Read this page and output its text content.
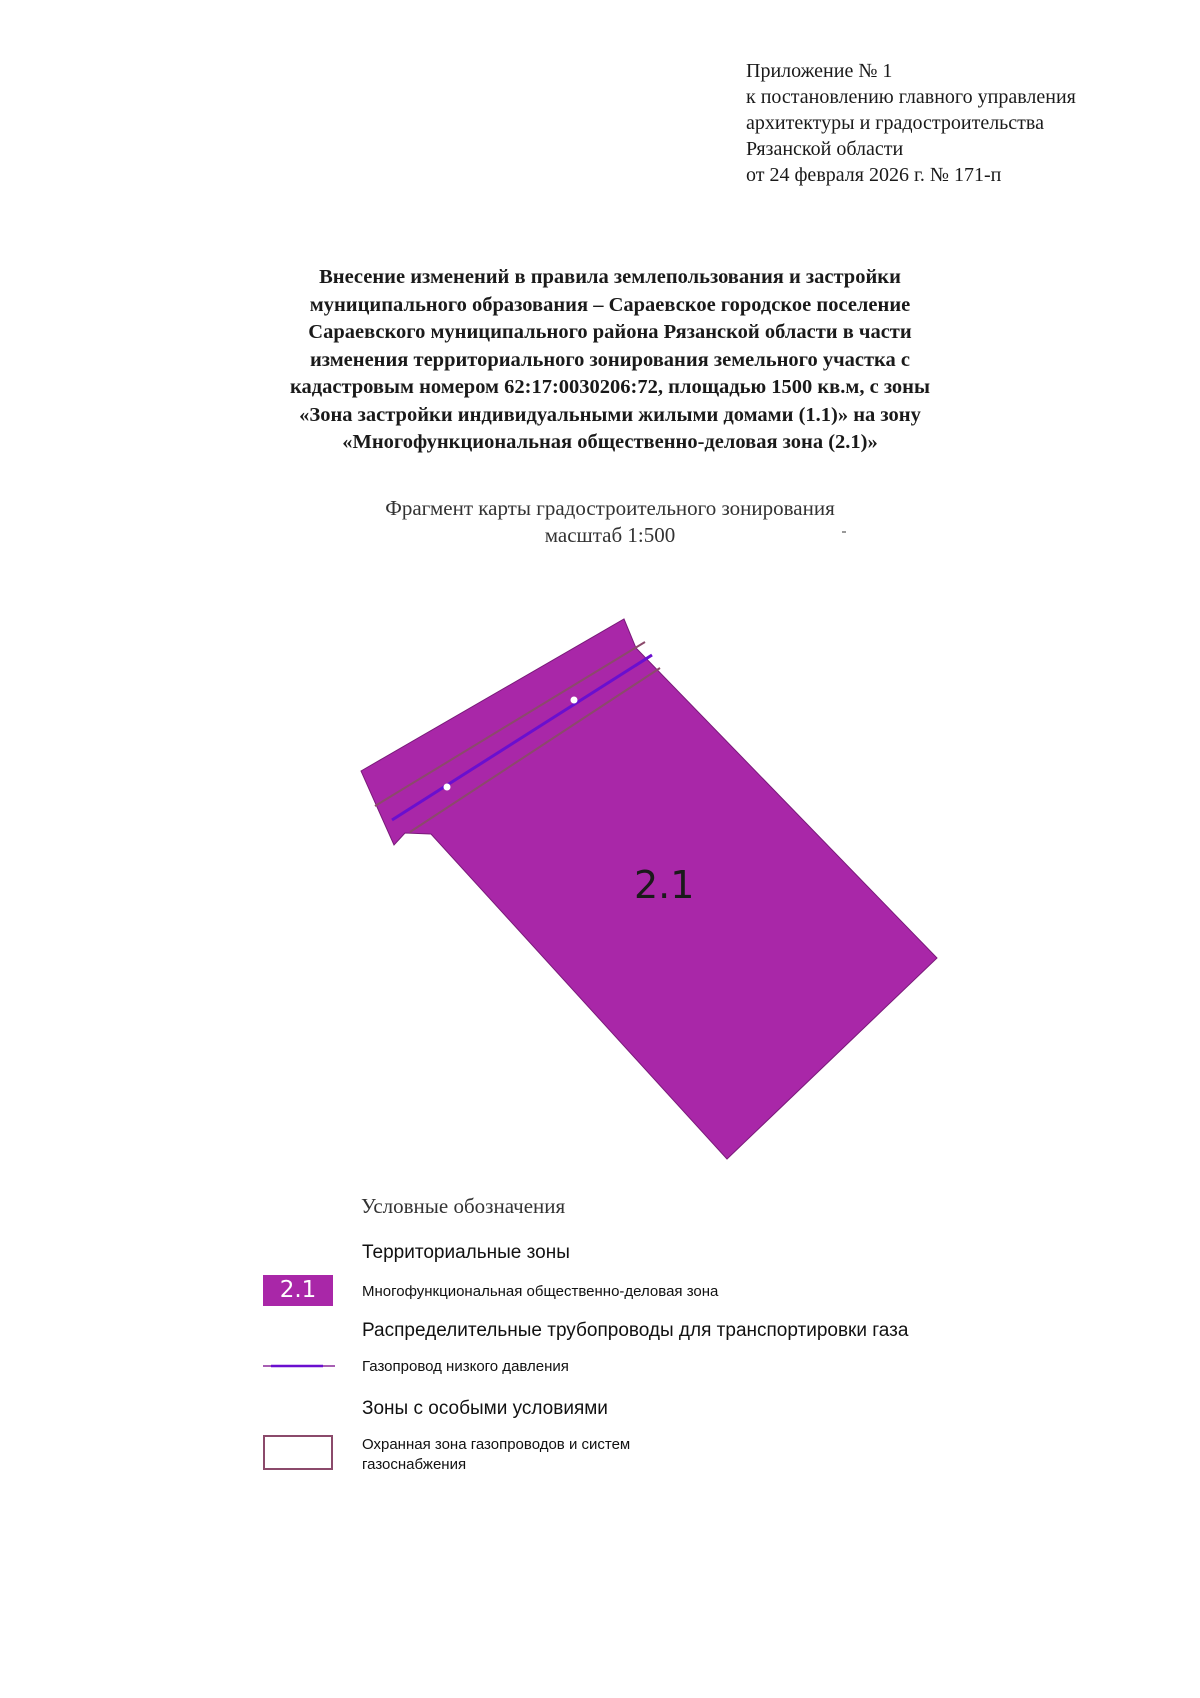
Приложение № 1
к постановлению главного управления
архитектуры и градостроительства
Рязанской области
от 24 февраля 2026 г. № 171-п
Внесение изменений в правила землепользования и застройки
муниципального образования – Сараевское городское поселение
Сараевского муниципального района Рязанской области в части
изменения территориального зонирования земельного участка с
кадастровым номером 62:17:0030206:72, площадью 1500 кв.м, с зоны
«Зона застройки индивидуальными жилыми домами (1.1)» на зону
«Многофункциональная общественно-деловая зона (2.1)»
Фрагмент карты градостроительного зонирования
масштаб 1:500
2.1
Условные обозначения
Территориальные зоны
2.1	Многофункциональная общественно-деловая зона
Распределительные трубопроводы для транспортировки газа
Газопровод низкого давления
Зоны с особыми условиями
Охранная зона газопроводов и систем
газоснабжения
